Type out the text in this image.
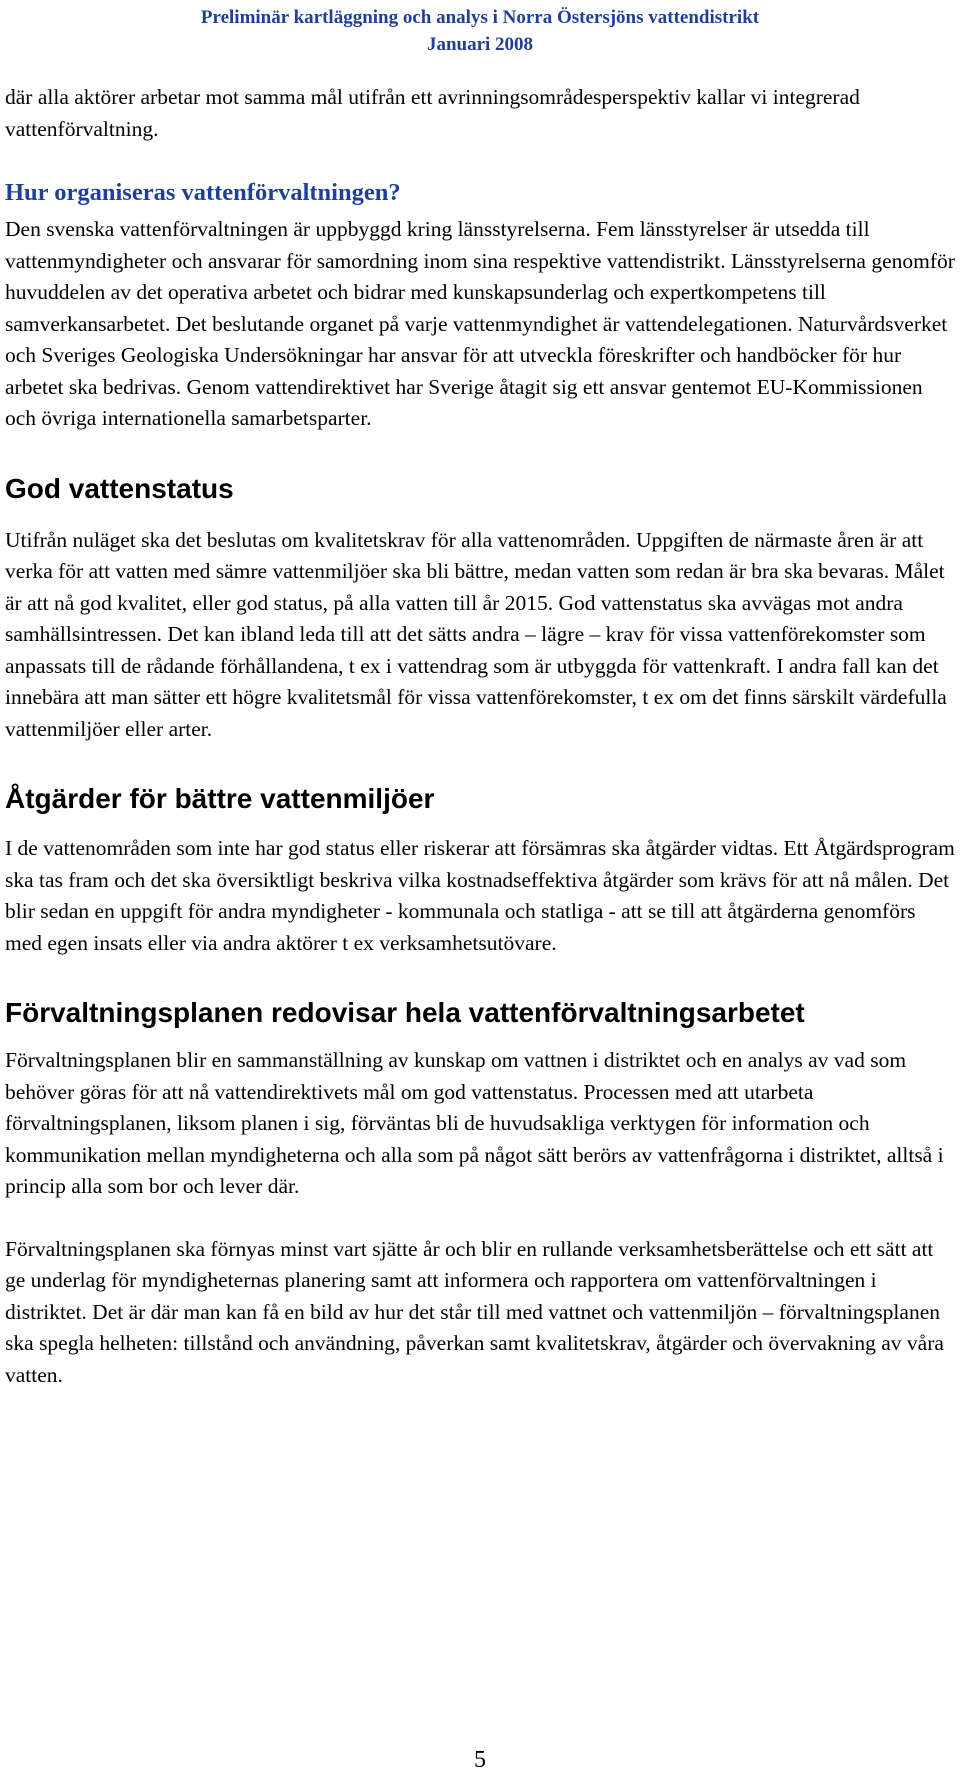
Preliminär kartläggning och analys i Norra Östersjöns vattendistrikt
Januari 2008

där alla aktörer arbetar mot samma mål utifrån ett avrinningsområdesperspektiv kallar vi integrerad vattenförvaltning.

Hur organiseras vattenförvaltningen?

Den svenska vattenförvaltningen är uppbyggd kring länsstyrelserna. Fem länsstyrelser är utsedda till vattenmyndigheter och ansvarar för samordning inom sina respektive vattendistrikt. Länsstyrelserna genomför huvuddelen av det operativa arbetet och bidrar med kunskapsunderlag och expertkompetens till samverkansarbetet. Det beslutande organet på varje vattenmyndighet är vattendelegationen. Naturvårdsverket och Sveriges Geologiska Undersökningar har ansvar för att utveckla föreskrifter och handböcker för hur arbetet ska bedrivas. Genom vattendirektivet har Sverige åtagit sig ett ansvar gentemot EU-Kommissionen och övriga internationella samarbetsparter.

God vattenstatus

Utifrån nuläget ska det beslutas om kvalitetskrav för alla vattenområden. Uppgiften de närmaste åren är att verka för att vatten med sämre vattenmiljöer ska bli bättre, medan vatten som redan är bra ska bevaras. Målet är att nå god kvalitet, eller god status, på alla vatten till år 2015. God vattenstatus ska avvägas mot andra samhällsintressen. Det kan ibland leda till att det sätts andra – lägre – krav för vissa vattenförekomster som anpassats till de rådande förhållandena, t ex i vattendrag som är utbyggda för vattenkraft. I andra fall kan det innebära att man sätter ett högre kvalitetsmål för vissa vattenförekomster, t ex om det finns särskilt värdefulla vattenmiljöer eller arter.

Åtgärder för bättre vattenmiljöer

I de vattenområden som inte har god status eller riskerar att försämras ska åtgärder vidtas. Ett Åtgärdsprogram ska tas fram och det ska översiktligt beskriva vilka kostnadseffektiva åtgärder som krävs för att nå målen. Det blir sedan en uppgift för andra myndigheter - kommunala och statliga - att se till att åtgärderna genomförs med egen insats eller via andra aktörer t ex verksamhetsutövare.

Förvaltningsplanen redovisar hela vattenförvaltningsarbetet

Förvaltningsplanen blir en sammanställning av kunskap om vattnen i distriktet och en analys av vad som behöver göras för att nå vattendirektivets mål om god vattenstatus. Processen med att utarbeta förvaltningsplanen, liksom planen i sig, förväntas bli de huvudsakliga verktygen för information och kommunikation mellan myndigheterna och alla som på något sätt berörs av vattenfrågorna i distriktet, alltså i princip alla som bor och lever där.

Förvaltningsplanen ska förnyas minst vart sjätte år och blir en rullande verksamhetsberättelse och ett sätt att ge underlag för myndigheternas planering samt att informera och rapportera om vattenförvaltningen i distriktet. Det är där man kan få en bild av hur det står till med vattnet och vattenmiljön – förvaltningsplanen ska spegla helheten: tillstånd och användning, påverkan samt kvalitetskrav, åtgärder och övervakning av våra vatten.

5
